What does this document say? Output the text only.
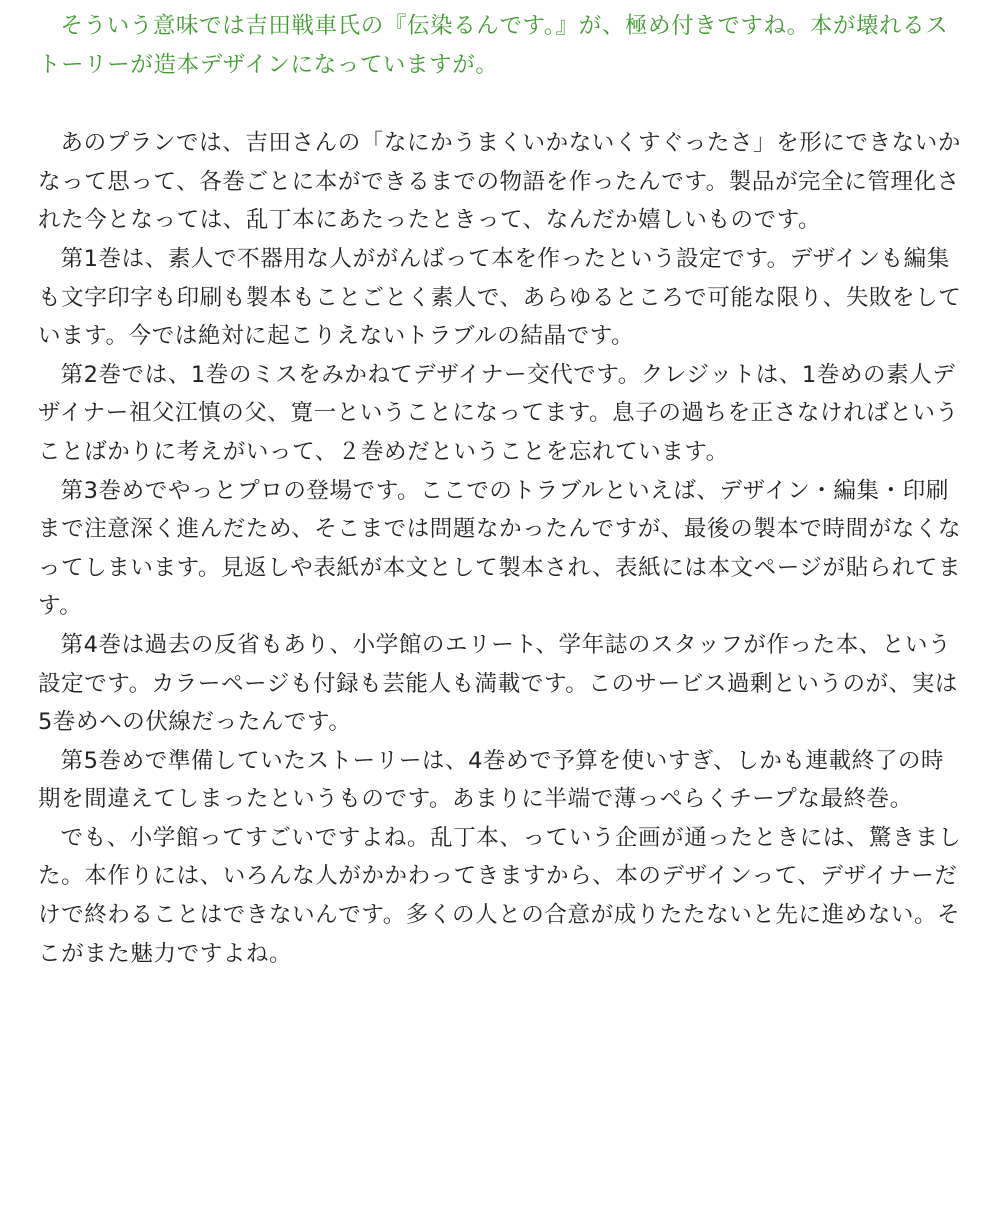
そういう意味では吉田戦車氏の『伝染るんです。』が、極め付きですね。本が壊れるストーリーが造本デザインになっていますが。

あのプランでは、吉田さんの「なにかうまくいかないくすぐったさ」を形にできないかなって思って、各巻ごとに本ができるまでの物語を作ったんです。製品が完全に管理化された今となっては、乱丁本にあたったときって、なんだか嬉しいものです。

第1巻は、素人で不器用な人ががんばって本を作ったという設定です。デザインも編集も文字印字も印刷も製本もことごとく素人で、あらゆるところで可能な限り、失敗をしています。今では絶対に起こりえないトラブルの結晶です。

第2巻では、1巻のミスをみかねてデザイナー交代です。クレジットは、1巻めの素人デザイナー祖父江慎の父、寛一ということになってます。息子の過ちを正さなければということばかりに考えがいって、２巻めだということを忘れています。

第3巻めでやっとプロの登場です。ここでのトラブルといえば、デザイン・編集・印刷まで注意深く進んだため、そこまでは問題なかったんですが、最後の製本で時間がなくなってしまいます。見返しや表紙が本文として製本され、表紙には本文ページが貼られてます。

第4巻は過去の反省もあり、小学館のエリート、学年誌のスタッフが作った本、という設定です。カラーページも付録も芸能人も満載です。このサービス過剰というのが、実は5巻めへの伏線だったんです。

第5巻めで準備していたストーリーは、4巻めで予算を使いすぎ、しかも連載終了の時期を間違えてしまったというものです。あまりに半端で薄っぺらくチープな最終巻。

でも、小学館ってすごいですよね。乱丁本、っていう企画が通ったときには、驚きました。本作りには、いろんな人がかかわってきますから、本のデザインって、デザイナーだけで終わることはできないんです。多くの人との合意が成りたたないと先に進めない。そこがまた魅力ですよね。
